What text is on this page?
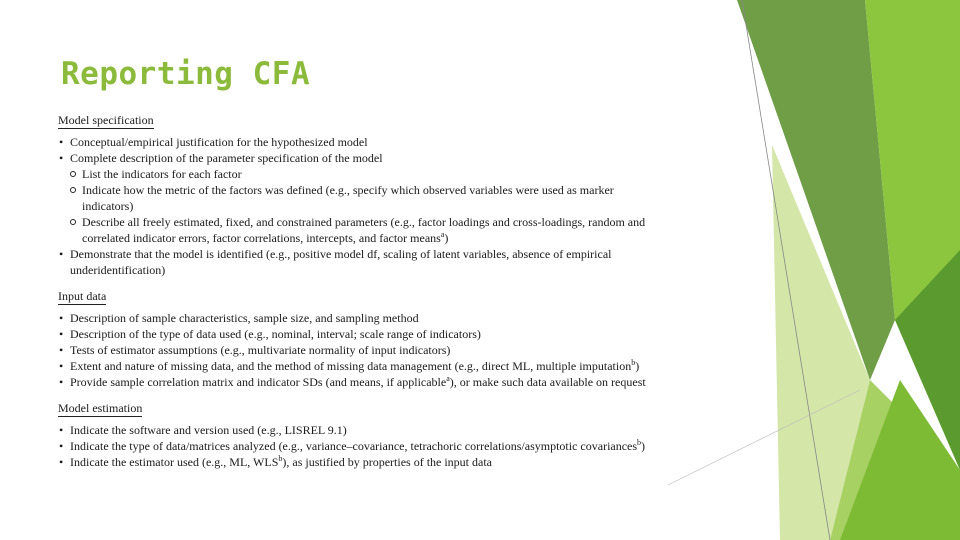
Reporting CFA
Model specification
• Conceptual/empirical justification for the hypothesized model
• Complete description of the parameter specification of the model
List the indicators for each factor
Indicate how the metric of the factors was defined (e.g., specify which observed variables were used as marker indicators)
Describe all freely estimated, fixed, and constrained parameters (e.g., factor loadings and cross-loadings, random and correlated indicator errors, factor correlations, intercepts, and factor means$^a$)
• Demonstrate that the model is identified (e.g., positive model df, scaling of latent variables, absence of empirical underidentification)
Input data
• Description of sample characteristics, sample size, and sampling method
• Description of the type of data used (e.g., nominal, interval; scale range of indicators)
• Tests of estimator assumptions (e.g., multivariate normality of input indicators)
• Extent and nature of missing data, and the method of missing data management (e.g., direct ML, multiple imputation$^b$)
• Provide sample correlation matrix and indicator SDs (and means, if applicable$^a$), or make such data available on request
Model estimation
• Indicate the software and version used (e.g., LISREL 9.1)
• Indicate the type of data/matrices analyzed (e.g., variance–covariance, tetrachoric correlations/asymptotic covariances$^b$)
• Indicate the estimator used (e.g., ML, WLS$^b$), as justified by properties of the input data
